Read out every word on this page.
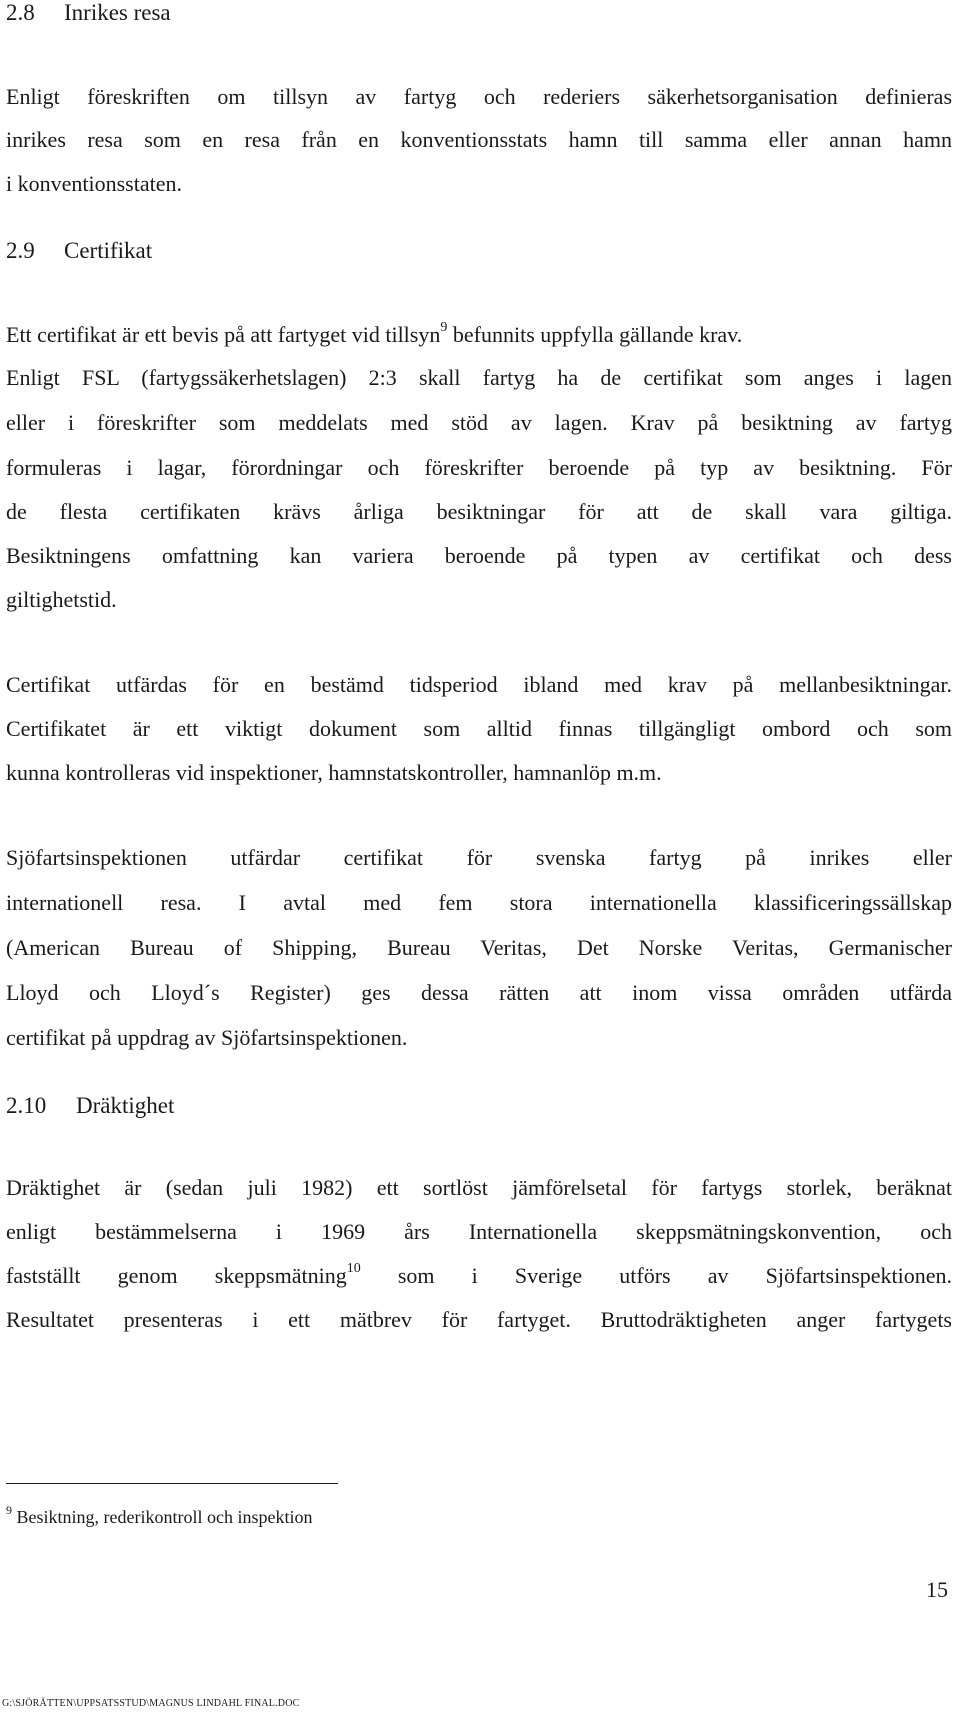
2.8 Inrikes resa
Enligt föreskriften om tillsyn av fartyg och rederiers säkerhetsorganisation definieras
inrikes resa som en resa från en konventionsstats hamn till samma eller annan hamn
i konventionsstaten.
2.9 Certifikat
Ett certifikat är ett bevis på att fartyget vid tillsyn$^9$ befunnits uppfylla gällande krav.
Enligt FSL (fartygssäkerhetslagen) 2:3 skall fartyg ha de certifikat som anges i lagen
eller i föreskrifter som meddelats med stöd av lagen. Krav på besiktning av fartyg
formuleras i lagar, förordningar och föreskrifter beroende på typ av besiktning. För
de flesta certifikaten krävs årliga besiktningar för att de skall vara giltiga.
Besiktningens omfattning kan variera beroende på typen av certifikat och dess
giltighetstid.
Certifikat utfärdas för en bestämd tidsperiod ibland med krav på mellanbesiktningar.
Certifikatet är ett viktigt dokument som alltid finnas tillgängligt ombord och som
kunna kontrolleras vid inspektioner, hamnstatskontroller, hamnanlöp m.m.
Sjöfartsinspektionen utfärdar certifikat för svenska fartyg på inrikes eller
internationell resa. I avtal med fem stora internationella klassificeringssällskap
(American Bureau of Shipping, Bureau Veritas, Det Norske Veritas, Germanischer
Lloyd och Lloyd´s Register) ges dessa rätten att inom vissa områden utfärda
certifikat på uppdrag av Sjöfartsinspektionen.
2.10 Dräktighet
Dräktighet är (sedan juli 1982) ett sortlöst jämförelsetal för fartygs storlek, beräknat
enligt bestämmelserna i 1969 års Internationella skeppsmätningskonvention, och
fastställt genom skeppsmätning$^{10}$ som i Sverige utförs av Sjöfartsinspektionen.
Resultatet presenteras i ett mätbrev för fartyget. Bruttodräktigheten anger fartygets
$^9$ Besiktning, rederikontroll och inspektion
15
G:\SJÖRÄTTEN\UPPSATSSTUD\MAGNUS LINDAHL FINAL.DOC
